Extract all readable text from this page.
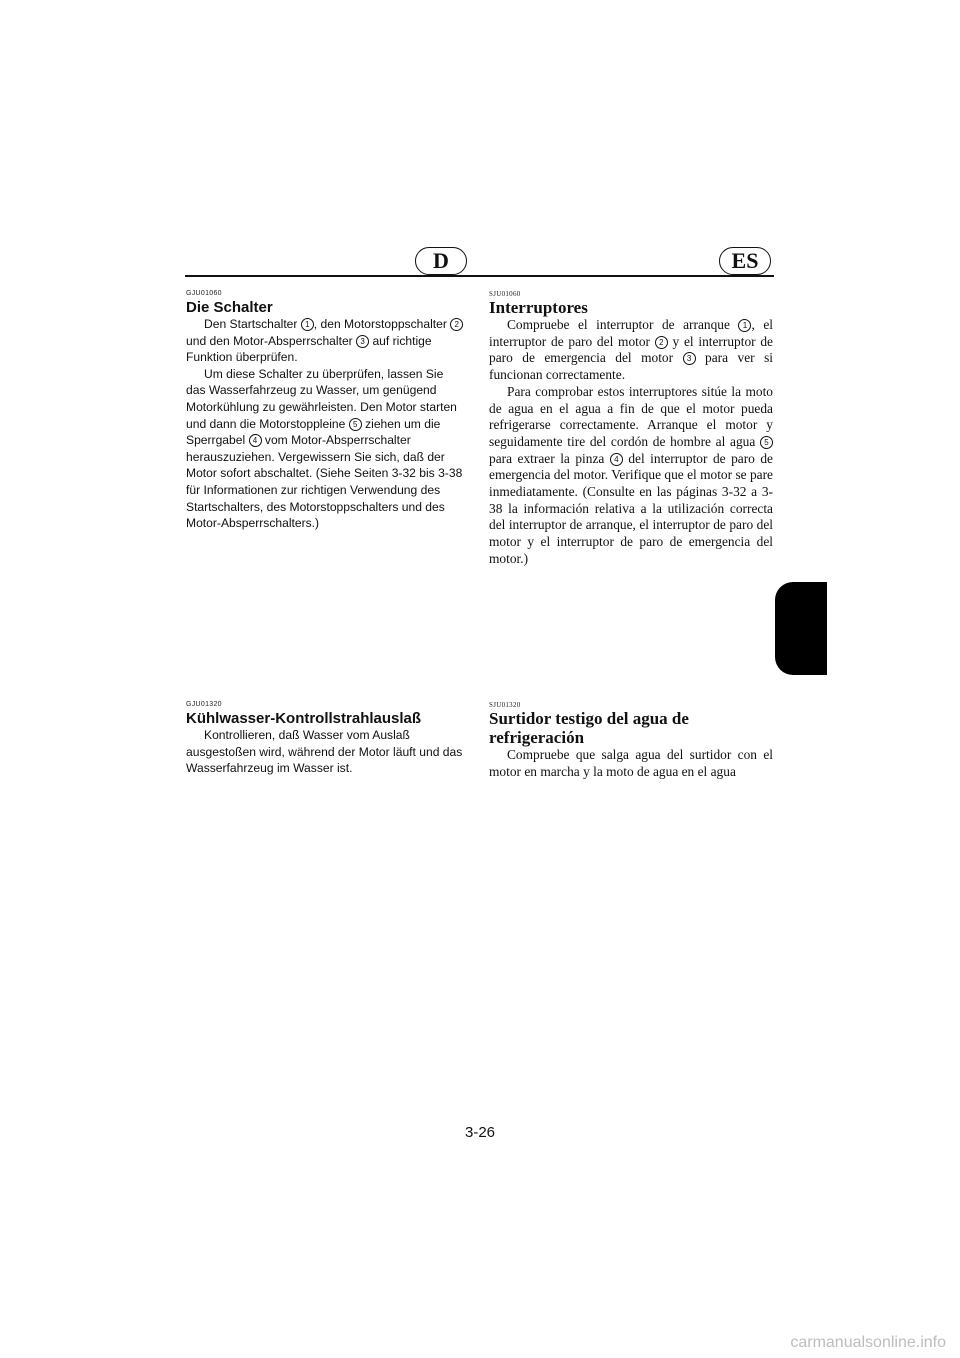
D	ES
GJU01060
Die Schalter

Den Startschalter 1 , den Motorstoppschalter 2 und den Motor-Absperrschalter 3 auf richtige Funktion überprüfen.

Um diese Schalter zu überprüfen, lassen Sie das Wasserfahrzeug zu Wasser, um genügend Motorkühlung zu gewährleisten. Den Motor starten und dann die Motorstoppleine 5 ziehen um die Sperrgabel 4 vom Motor-Absperrschalter herauszuziehen. Vergewissern Sie sich, daß der Motor sofort abschaltet. (Siehe Seiten 3-32 bis 3-38 für Informationen zur richtigen Verwendung des Startschalters, des Motorstoppschalters und des Motor-Absperrschalters.)

SJU01060
Interruptores

Compruebe el interruptor de arranque 1 , el interruptor de paro del motor 2 y el interruptor de paro de emergencia del motor 3 para ver si funcionan correctamente.

Para comprobar estos interruptores sitúe la moto de agua en el agua a fin de que el motor pueda refrigerarse correctamente. Arranque el motor y seguidamente tire del cordón de hombre al agua 5 para extraer la pinza 4 del interruptor de paro de emergencia del motor. Verifique que el motor se pare inmediatamente. (Consulte en las páginas 3-32 a 3-38 la información relativa a la utilización correcta del interruptor de arranque, el interruptor de paro del motor y el interruptor de paro de emergencia del motor.)

GJU01320
Kühlwasser-Kontrollstrahlauslaß

Kontrollieren, daß Wasser vom Auslaß ausgestoßen wird, während der Motor läuft und das Wasserfahrzeug im Wasser ist.

SJU01320
Surtidor testigo del agua de refrigeración

Compruebe que salga agua del surtidor con el motor en marcha y la moto de agua en el agua

3-26
carmanualsonline.info
